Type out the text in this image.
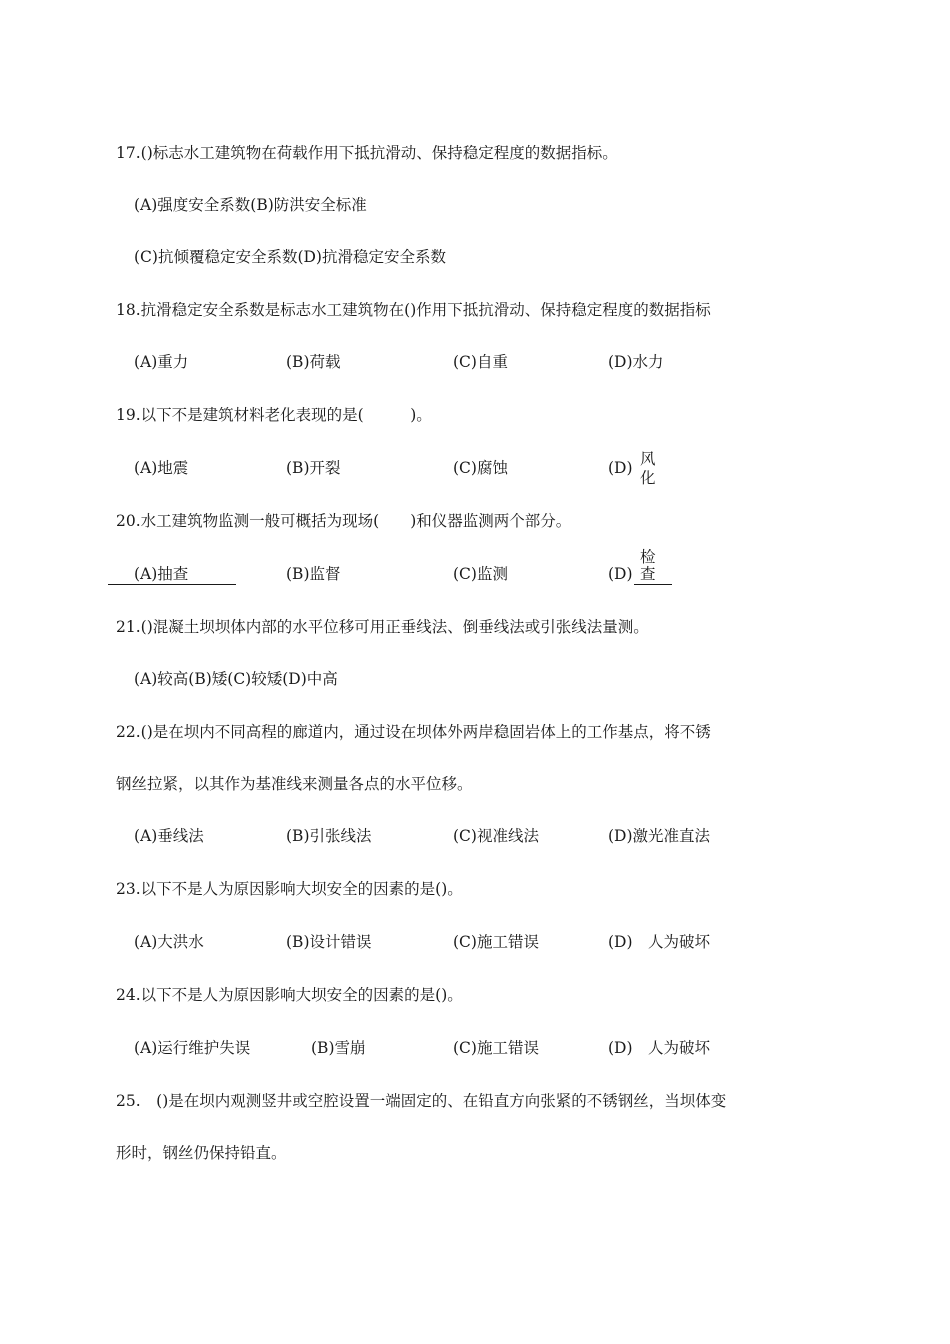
17.()标志水工建筑物在荷载作用下抵抗滑动、保持稳定程度的数据指标。
(A)强度安全系数(B)防洪安全标准
(C)抗倾覆稳定安全系数(D)抗滑稳定安全系数
18.抗滑稳定安全系数是标志水工建筑物在()作用下抵抗滑动、保持稳定程度的数据指标
(A)重力	(B)荷载	(C)自重	(D)水力
19.以下不是建筑材料老化表现的是(　　　)。
(A)地震	(B)开裂	(C)腐蚀	(D) 风
化
20.水工建筑物监测一般可概括为现场(　　)和仪器监测两个部分。
(A)抽查	(B)监督	(C)监测	(D)
检
查
21.()混凝土坝坝体内部的水平位移可用正垂线法、倒垂线法或引张线法量测。
(A)较高(B)矮(C)较矮(D)中高
22.()是在坝内不同高程的廊道内，通过设在坝体外两岸稳固岩体上的工作基点，将不锈
钢丝拉紧，以其作为基准线来测量各点的水平位移。
(A)垂线法	(B)引张线法	(C)视准线法	(D)激光准直法
23.以下不是人为原因影响大坝安全的因素的是()。
(A)大洪水	(B)设计错误	(C)施工错误	(D)　人为破坏
24.以下不是人为原因影响大坝安全的因素的是()。
(A)运行维护失误	(B)雪崩	(C)施工错误	(D)　人为破坏
25.　()是在坝内观测竖井或空腔设置一端固定的、在铅直方向张紧的不锈钢丝，当坝体变
形时，钢丝仍保持铅直。
